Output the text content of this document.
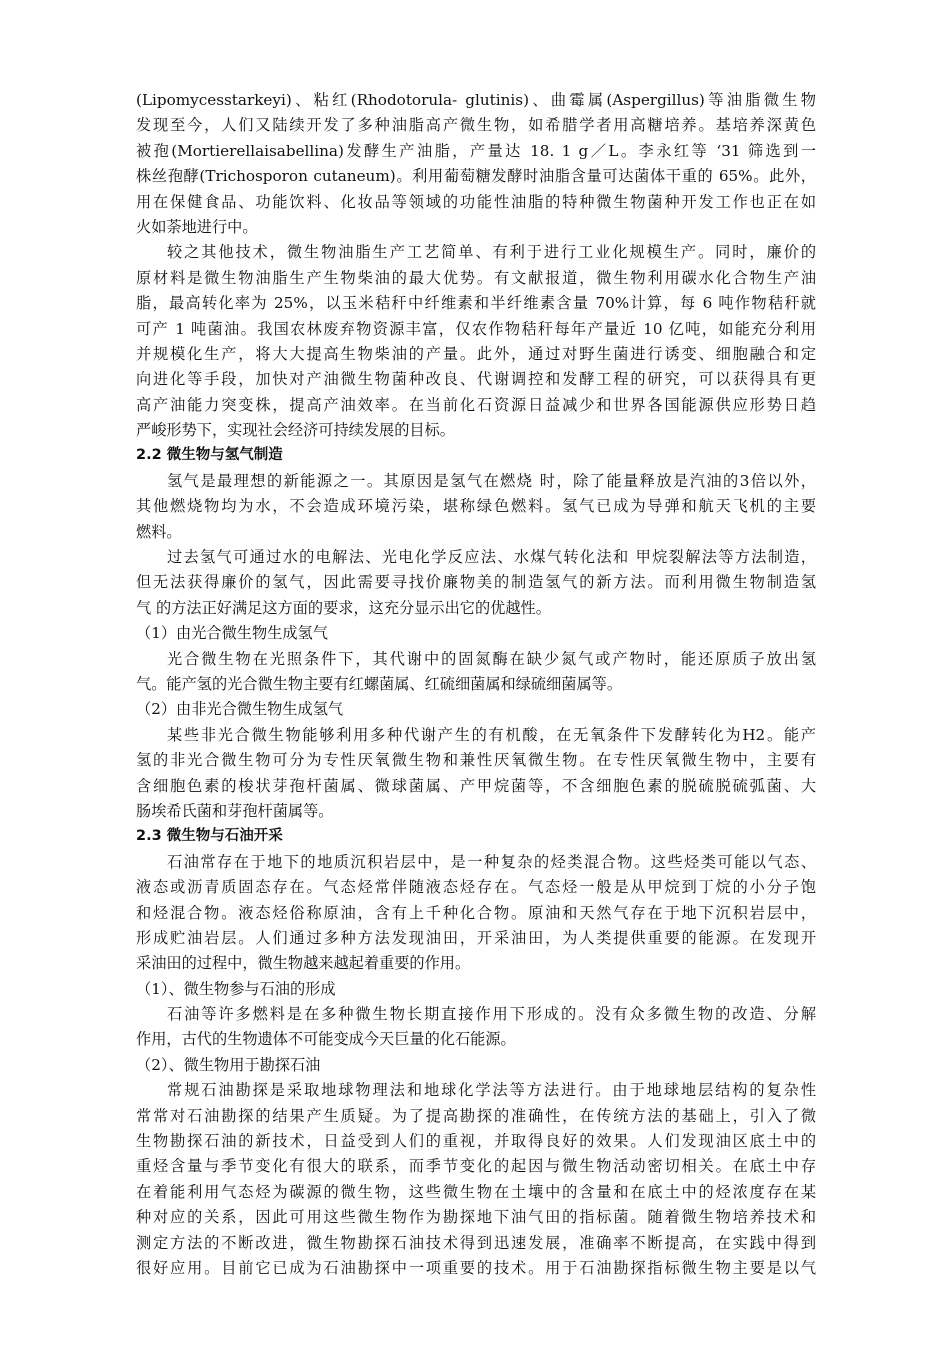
(Lipomycesstarkeyi)、粘红(Rhodotorula- glutinis)、曲霉属(Aspergillus)等油脂微生物
发现至今，人们又陆续开发了多种油脂高产微生物，如希腊学者用高糖培养。基培养深黄色
被孢(Mortierellaisabellina)发酵生产油脂，产量达 18. 1 g／L。李永红等 ‘31 筛选到一
株丝孢酵(Trichosporon cutaneum)。利用葡萄糖发酵时油脂含量可达菌体干重的 65%。此外，
用在保健食品、功能饮料、化妆品等领域的功能性油脂的特种微生物菌种开发工作也正在如
火如荼地进行中。
较之其他技术，微生物油脂生产工艺简单、有利于进行工业化规模生产。同时，廉价的
原材料是微生物油脂生产生物柴油的最大优势。有文献报道，微生物利用碳水化合物生产油
脂，最高转化率为 25%，以玉米秸秆中纤维素和半纤维素含量 70%计算，每 6 吨作物秸秆就
可产 1 吨菌油。我国农林废弃物资源丰富，仅农作物秸秆每年产量近 10 亿吨，如能充分利用
并规模化生产，将大大提高生物柴油的产量。此外，通过对野生菌进行诱变、细胞融合和定
向进化等手段，加快对产油微生物菌种改良、代谢调控和发酵工程的研究，可以获得具有更
高产油能力突变株，提高产油效率。在当前化石资源日益减少和世界各国能源供应形势日趋
严峻形势下，实现社会经济可持续发展的目标。
2.2 微生物与氢气制造
氢气是最理想的新能源之一。其原因是氢气在燃烧 时，除了能量释放是汽油的3倍以外，
其他燃烧物均为水，不会造成环境污染，堪称绿色燃料。氢气已成为导弹和航天飞机的主要
燃料。
过去氢气可通过水的电解法、光电化学反应法、水煤气转化法和 甲烷裂解法等方法制造，
但无法获得廉价的氢气，因此需要寻找价廉物美的制造氢气的新方法。而利用微生物制造氢
气 的方法正好满足这方面的要求，这充分显示出它的优越性。
（1）由光合微生物生成氢气
光合微生物在光照条件下，其代谢中的固氮酶在缺少氮气或产物时，能还原质子放出氢
气。能产氢的光合微生物主要有红螺菌属、红硫细菌属和绿硫细菌属等。
（2）由非光合微生物生成氢气
某些非光合微生物能够利用多种代谢产生的有机酸，在无氧条件下发酵转化为H2。能产
氢的非光合微生物可分为专性厌氧微生物和兼性厌氧微生物。在专性厌氧微生物中，主要有
含细胞色素的梭状芽孢杆菌属、微球菌属、产甲烷菌等，不含细胞色素的脱硫脱硫弧菌、大
肠埃希氏菌和芽孢杆菌属等。
2.3 微生物与石油开采
石油常存在于地下的地质沉积岩层中，是一种复杂的烃类混合物。这些烃类可能以气态、
液态或沥青质固态存在。气态烃常伴随液态烃存在。气态烃一般是从甲烷到丁烷的小分子饱
和烃混合物。液态烃俗称原油，含有上千种化合物。原油和天然气存在于地下沉积岩层中，
形成贮油岩层。人们通过多种方法发现油田，开采油田，为人类提供重要的能源。在发现开
采油田的过程中，微生物越来越起着重要的作用。
（1）、微生物参与石油的形成
石油等许多燃料是在多种微生物长期直接作用下形成的。没有众多微生物的改造、分解
作用，古代的生物遗体不可能变成今天巨量的化石能源。
（2）、微生物用于勘探石油
常规石油勘探是采取地球物理法和地球化学法等方法进行。由于地球地层结构的复杂性
常常对石油勘探的结果产生质疑。为了提高勘探的准确性，在传统方法的基础上，引入了微
生物勘探石油的新技术，日益受到人们的重视，并取得良好的效果。人们发现油区底土中的
重烃含量与季节变化有很大的联系，而季节变化的起因与微生物活动密切相关。在底土中存
在着能利用气态烃为碳源的微生物，这些微生物在土壤中的含量和在底土中的烃浓度存在某
种对应的关系，因此可用这些微生物作为勘探地下油气田的指标菌。随着微生物培养技术和
测定方法的不断改进，微生物勘探石油技术得到迅速发展，准确率不断提高，在实践中得到
很好应用。目前它已成为石油勘探中一项重要的技术。用于石油勘探指标微生物主要是以气
